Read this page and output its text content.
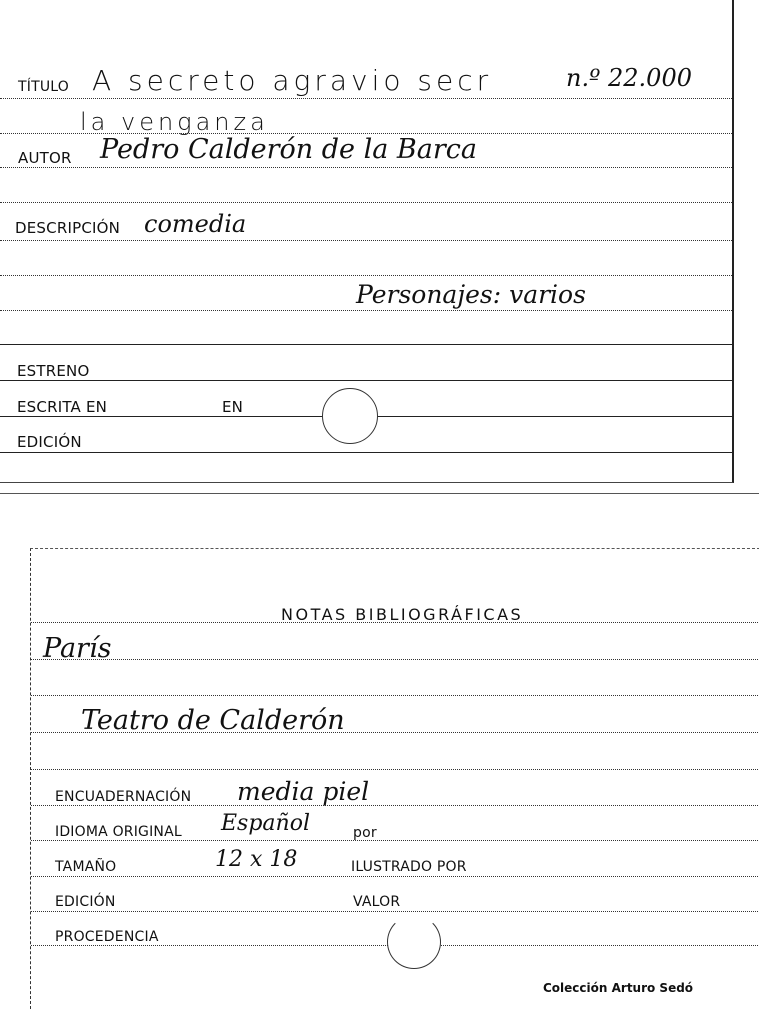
TÍTULO A secreto agravio secr	n.º 22.000
la venganza
AUTOR Pedro Calderón de la Barca
DESCRIPCIÓN comedia
Personajes: varios
ESTRENO
ESCRITA EN	EN
EDICIÓN
NOTAS BIBLIOGRÁFICAS
París
Teatro de Calderón
ENCUADERNACIÓN media piel
IDIOMA ORIGINAL Español	por
TAMAÑO	12 x 18	ILUSTRADO POR
EDICIÓN	VALOR
PROCEDENCIA
Colección Arturo Sedó
